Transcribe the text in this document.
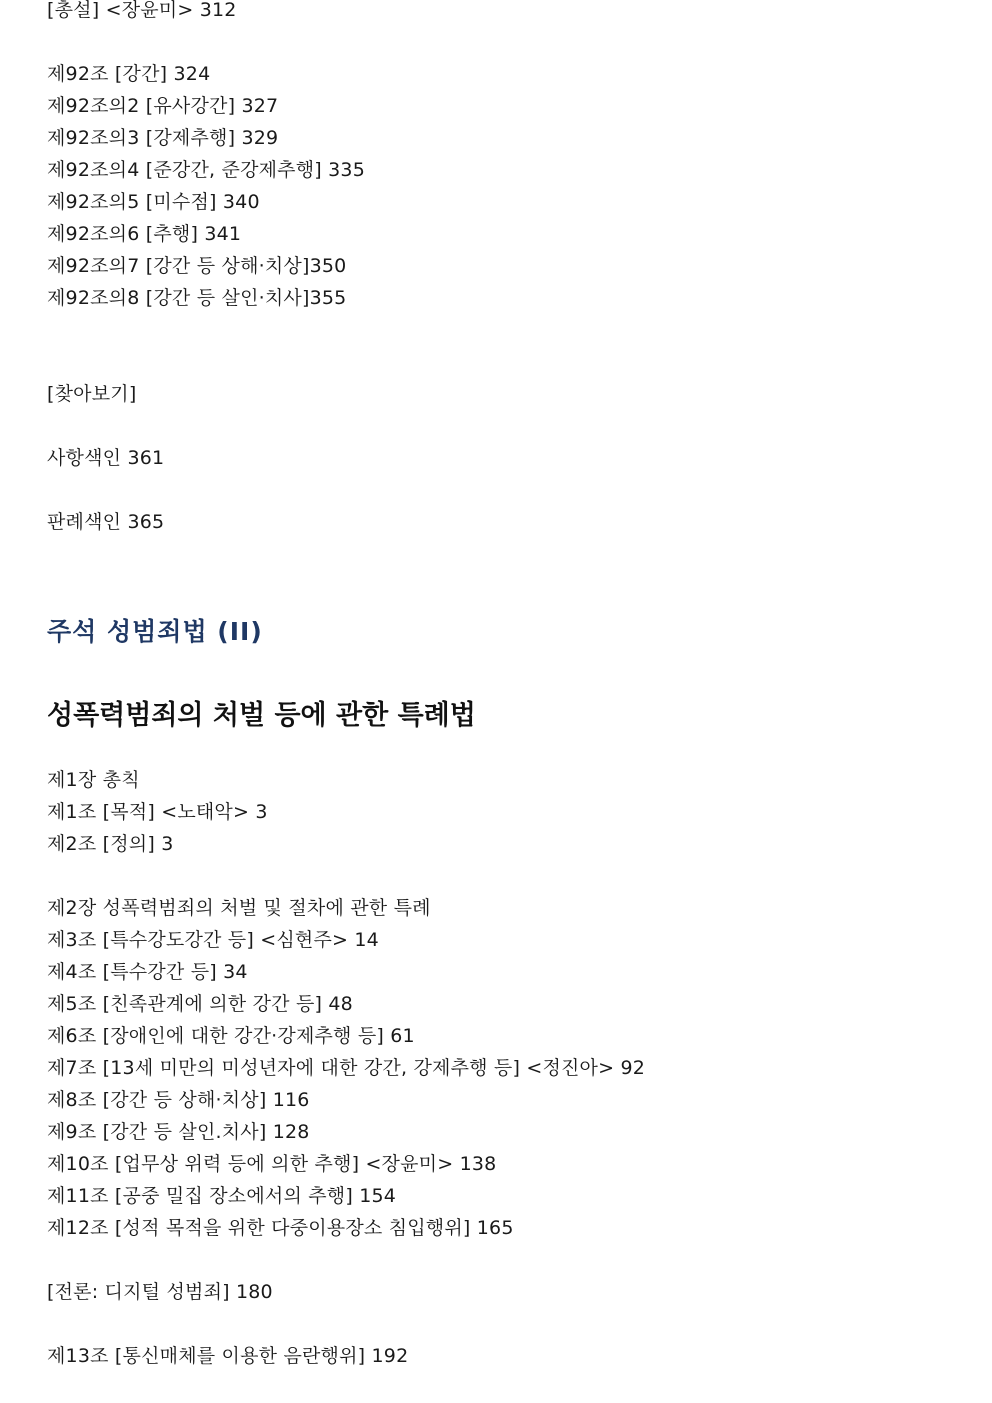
[총설] <장윤미> 312
제92조 [강간] 324
제92조의2 [유사강간] 327
제92조의3 [강제추행] 329
제92조의4 [준강간, 준강제추행] 335
제92조의5 [미수점] 340
제92조의6 [추행] 341
제92조의7 [강간 등 상해·치상]350
제92조의8 [강간 등 살인·치사]355
[찾아보기]
사항색인 361
판례색인 365
주석 성범죄법 (II)
성폭력범죄의 처벌 등에 관한 특례법
제1장 총칙
제1조 [목적] <노태악> 3
제2조 [정의] 3
제2장 성폭력범죄의 처벌 및 절차에 관한 특례
제3조 [특수강도강간 등] <심현주> 14
제4조 [특수강간 등] 34
제5조 [친족관계에 의한 강간 등] 48
제6조 [장애인에 대한 강간·강제추행 등] 61
제7조 [13세 미만의 미성년자에 대한 강간, 강제추행 등] <정진아> 92
제8조 [강간 등 상해·치상] 116
제9조 [강간 등 살인.치사] 128
제10조 [업무상 위력 등에 의한 추행] <장윤미> 138
제11조 [공중 밀집 장소에서의 추행] 154
제12조 [성적 목적을 위한 다중이용장소 침입행위] 165
[전론: 디지털 성범죄] 180
제13조 [통신매체를 이용한 음란행위] 192
